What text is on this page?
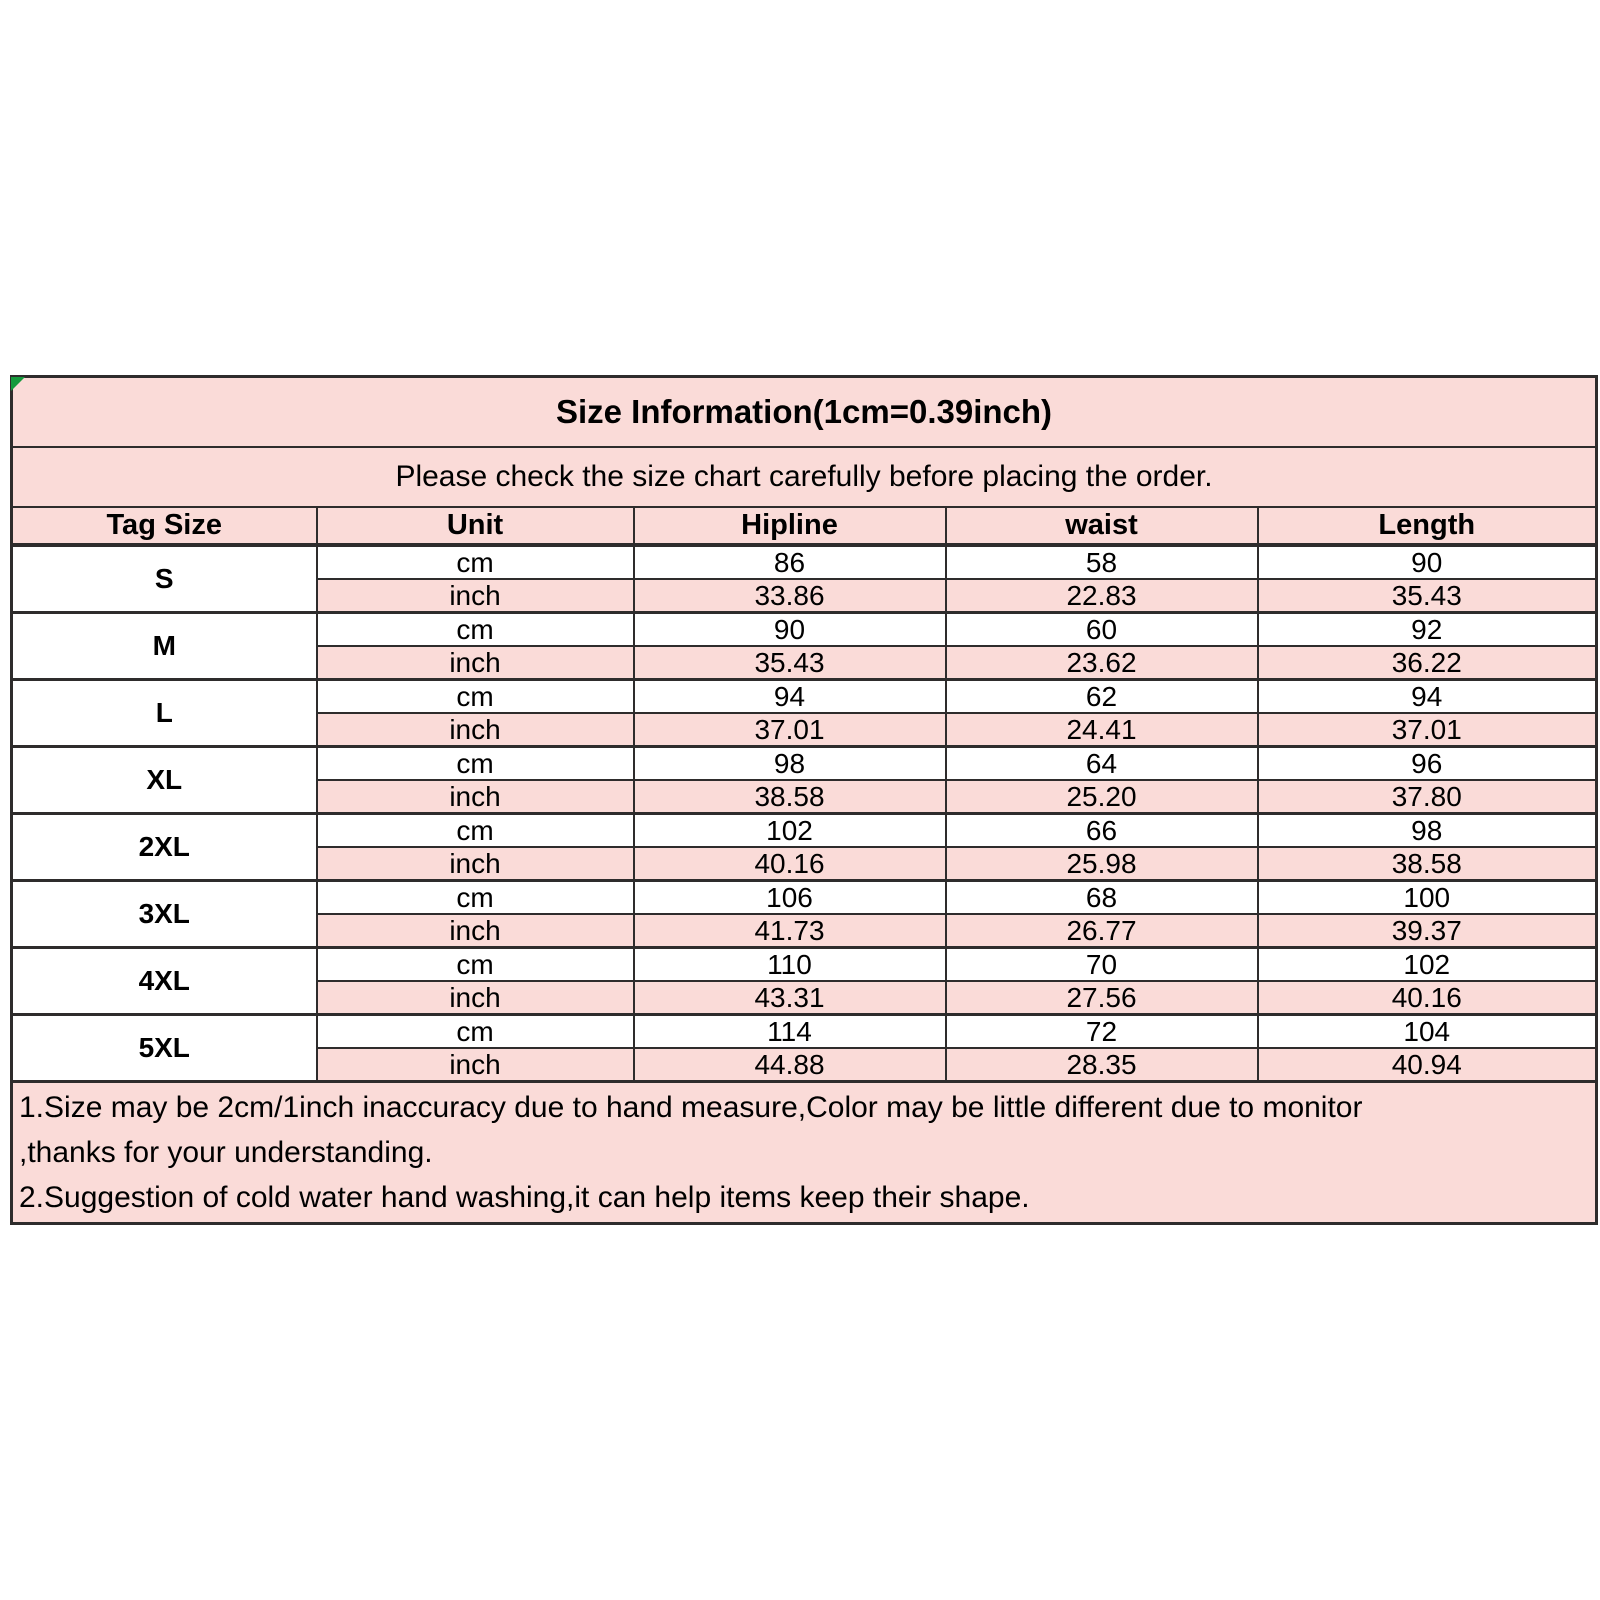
Size Information(1cm=0.39inch)				
Please check the size chart carefully before placing the order.				
Tag Size	Unit	Hipline	waist	Length
S	cm	86	58	90
	inch	33.86	22.83	35.43
M	cm	90	60	92
	inch	35.43	23.62	36.22
L	cm	94	62	94
	inch	37.01	24.41	37.01
XL	cm	98	64	96
	inch	38.58	25.20	37.80
2XL	cm	102	66	98
	inch	40.16	25.98	38.58
3XL	cm	106	68	100
	inch	41.73	26.77	39.37
4XL	cm	110	70	102
	inch	43.31	27.56	40.16
5XL	cm	114	72	104
	inch	44.88	28.35	40.94

1.Size may be 2cm/1inch inaccuracy due to hand measure,Color may be little different due to monitor
,thanks for your understanding.
2.Suggestion of cold water hand washing,it can help items keep their shape.				
